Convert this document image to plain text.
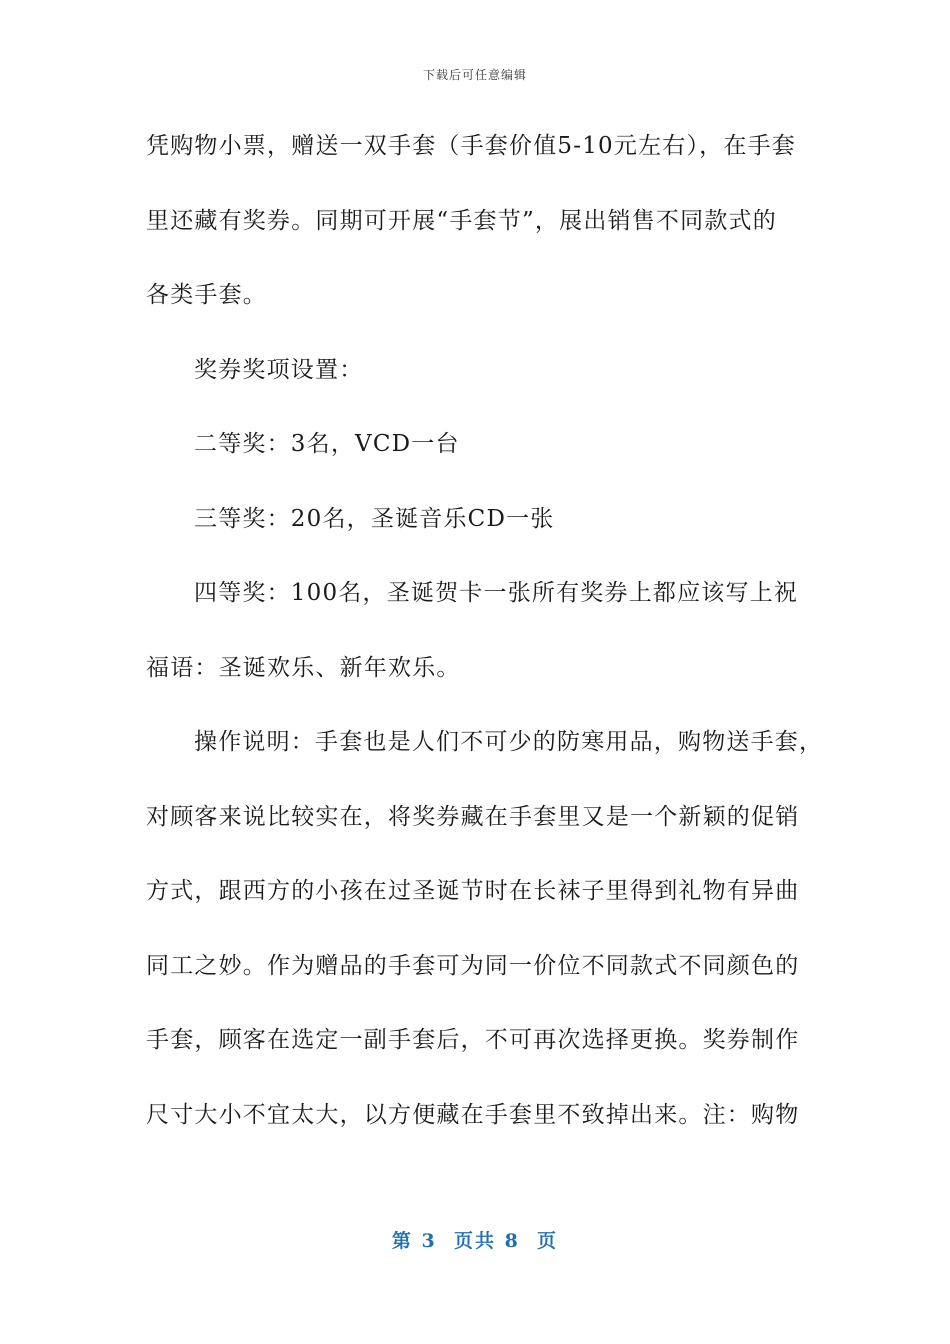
下载后可任意编辑
凭购物小票，赠送一双手套（手套价值5-10元左右），在手套
里还藏有奖券。同期可开展“手套节”，展出销售不同款式的
各类手套。
奖券奖项设置：
二等奖：3名，VCD一台
三等奖：20名，圣诞音乐CD一张
四等奖：100名，圣诞贺卡一张所有奖券上都应该写上祝
福语：圣诞欢乐、新年欢乐。
操作说明：手套也是人们不可少的防寒用品，购物送手套，
对顾客来说比较实在，将奖券藏在手套里又是一个新颖的促销
方式，跟西方的小孩在过圣诞节时在长袜子里得到礼物有异曲
同工之妙。作为赠品的手套可为同一价位不同款式不同颜色的
手套，顾客在选定一副手套后，不可再次选择更换。奖券制作
尺寸大小不宜太大，以方便藏在手套里不致掉出来。注：购物
第 3  页共 8  页
